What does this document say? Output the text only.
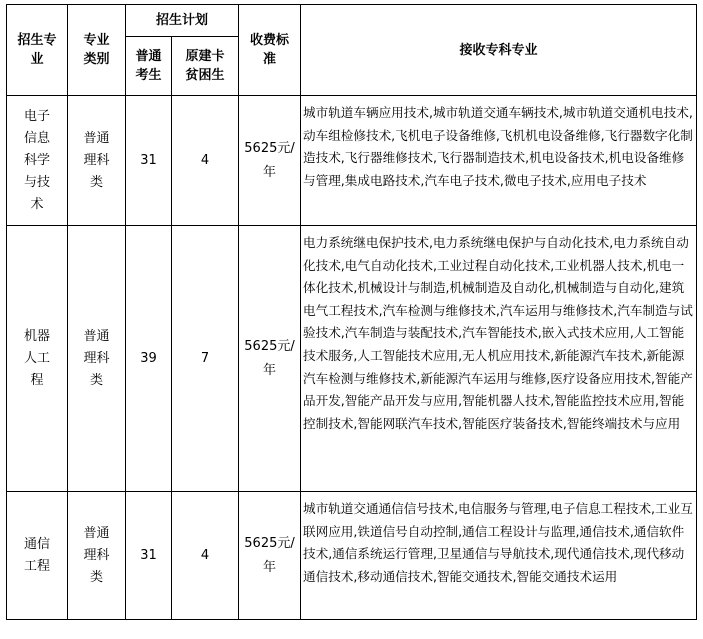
招生专业	专业类别	招生计划		收费标准	接收专科专业
		普通考生	原建卡贫困生		
电子信息科学与技术	普通理科类	31	4	5625元/年	城市轨道车辆应用技术,城市轨道交通车辆技术,城市轨道交通机电技术,动车组检修技术,飞机电子设备维修,飞机机电设备维修,飞行器数字化制造技术,飞行器维修技术,飞行器制造技术,机电设备技术,机电设备维修与管理,集成电路技术,汽车电子技术,微电子技术,应用电子技术
机器人工程	普通理科类	39	7	5625元/年	电力系统继电保护技术,电力系统继电保护与自动化技术,电力系统自动化技术,电气自动化技术,工业过程自动化技术,工业机器人技术,机电一体化技术,机械设计与制造,机械制造及自动化,机械制造与自动化,建筑电气工程技术,汽车检测与维修技术,汽车运用与维修技术,汽车制造与试验技术,汽车制造与装配技术,汽车智能技术,嵌入式技术应用,人工智能技术服务,人工智能技术应用,无人机应用技术,新能源汽车技术,新能源汽车检测与维修技术,新能源汽车运用与维修,医疗设备应用技术,智能产品开发,智能产品开发与应用,智能机器人技术,智能监控技术应用,智能控制技术,智能网联汽车技术,智能医疗装备技术,智能终端技术与应用
通信工程	普通理科类	31	4	5625元/年	城市轨道交通通信信号技术,电信服务与管理,电子信息工程技术,工业互联网应用,铁道信号自动控制,通信工程设计与监理,通信技术,通信软件技术,通信系统运行管理,卫星通信与导航技术,现代通信技术,现代移动通信技术,移动通信技术,智能交通技术,智能交通技术运用
